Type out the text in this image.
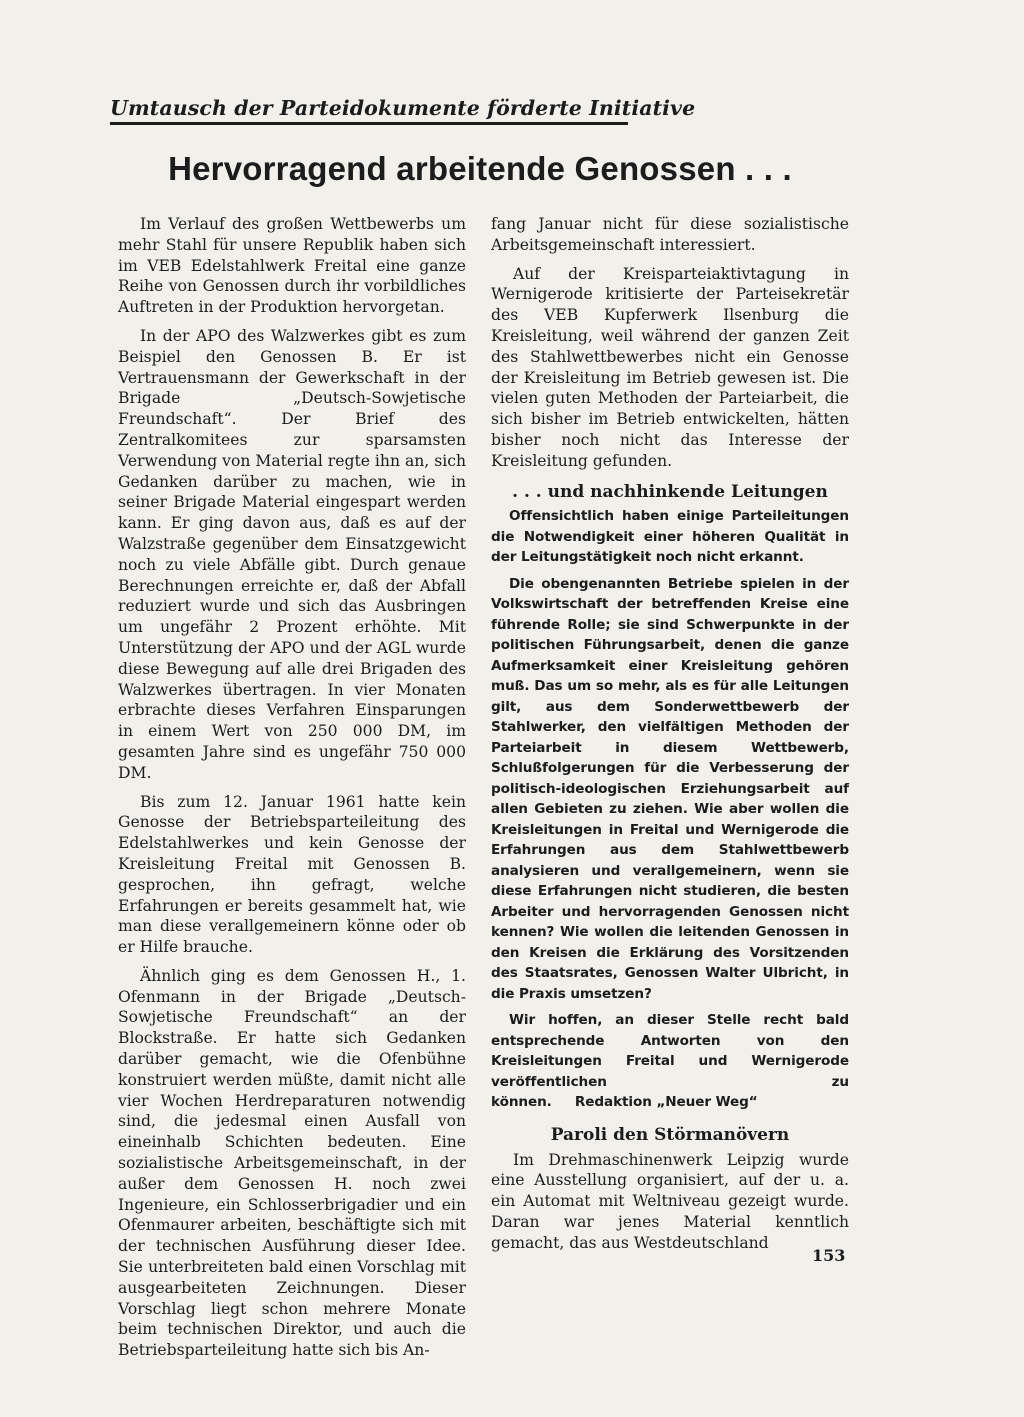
Umtausch der Parteidokumente förderte Initiative
Hervorragend arbeitende Genossen . . .

Im Verlauf des großen Wettbewerbs um mehr Stahl für unsere Republik haben sich im VEB Edelstahlwerk Freital eine ganze Reihe von Genossen durch ihr vorbildliches Auftreten in der Produktion hervorgetan.

In der APO des Walzwerkes gibt es zum Beispiel den Genossen B. Er ist Vertrauensmann der Gewerkschaft in der Brigade „Deutsch-Sowjetische Freundschaft“. Der Brief des Zentralkomitees zur sparsamsten Verwendung von Material regte ihn an, sich Gedanken darüber zu machen, wie in seiner Brigade Material eingespart werden kann. Er ging davon aus, daß es auf der Walzstraße gegenüber dem Einsatzgewicht noch zu viele Abfälle gibt. Durch genaue Berechnungen erreichte er, daß der Abfall reduziert wurde und sich das Ausbringen um ungefähr 2 Prozent erhöhte. Mit Unterstützung der APO und der AGL wurde diese Bewegung auf alle drei Brigaden des Walzwerkes übertragen. In vier Monaten erbrachte dieses Verfahren Einsparungen in einem Wert von 250 000 DM, im gesamten Jahre sind es ungefähr 750 000 DM.

Bis zum 12. Januar 1961 hatte kein Genosse der Betriebsparteileitung des Edelstahlwerkes und kein Genosse der Kreisleitung Freital mit Genossen B. gesprochen, ihn gefragt, welche Erfahrungen er bereits gesammelt hat, wie man diese verallgemeinern könne oder ob er Hilfe brauche.

Ähnlich ging es dem Genossen H., 1. Ofenmann in der Brigade „Deutsch-Sowjetische Freundschaft“ an der Blockstraße. Er hatte sich Gedanken darüber gemacht, wie die Ofenbühne konstruiert werden müßte, damit nicht alle vier Wochen Herdreparaturen notwendig sind, die jedesmal einen Ausfall von eineinhalb Schichten bedeuten. Eine sozialistische Arbeitsgemeinschaft, in der außer dem Genossen H. noch zwei Ingenieure, ein Schlosserbrigadier und ein Ofenmaurer arbeiten, beschäftigte sich mit der technischen Ausführung dieser Idee. Sie unterbreiteten bald einen Vorschlag mit ausgearbeiteten Zeichnungen. Dieser Vorschlag liegt schon mehrere Monate beim technischen Direktor, und auch die Betriebsparteileitung hatte sich bis An-

fang Januar nicht für diese sozialistische Arbeitsgemeinschaft interessiert.

Auf der Kreisparteiaktivtagung in Wernigerode kritisierte der Parteisekretär des VEB Kupferwerk Ilsenburg die Kreisleitung, weil während der ganzen Zeit des Stahlwettbewerbes nicht ein Genosse der Kreisleitung im Betrieb gewesen ist. Die vielen guten Methoden der Parteiarbeit, die sich bisher im Betrieb entwickelten, hätten bisher noch nicht das Interesse der Kreisleitung gefunden.

. . . und nachhinkende Leitungen

Offensichtlich haben einige Parteileitungen die Notwendigkeit einer höheren Qualität in der Leitungstätigkeit noch nicht erkannt.

Die obengenannten Betriebe spielen in der Volkswirtschaft der betreffenden Kreise eine führende Rolle; sie sind Schwerpunkte in der politischen Führungsarbeit, denen die ganze Aufmerksamkeit einer Kreisleitung gehören muß. Das um so mehr, als es für alle Leitungen gilt, aus dem Sonderwettbewerb der Stahlwerker, den vielfältigen Methoden der Parteiarbeit in diesem Wettbewerb, Schlußfolgerungen für die Verbesserung der politisch-ideologischen Erziehungsarbeit auf allen Gebieten zu ziehen. Wie aber wollen die Kreisleitungen in Freital und Wernigerode die Erfahrungen aus dem Stahlwettbewerb analysieren und verallgemeinern, wenn sie diese Erfahrungen nicht studieren, die besten Arbeiter und hervorragenden Genossen nicht kennen? Wie wollen die leitenden Genossen in den Kreisen die Erklärung des Vorsitzenden des Staatsrates, Genossen Walter Ulbricht, in die Praxis umsetzen?

Wir hoffen, an dieser Stelle recht bald entsprechende Antworten von den Kreisleitungen Freital und Wernigerode veröffentlichen zu können. Redaktion „Neuer Weg“

Paroli den Störmanövern

Im Drehmaschinenwerk Leipzig wurde eine Ausstellung organisiert, auf der u. a. ein Automat mit Weltniveau gezeigt wurde. Daran war jenes Material kenntlich gemacht, das aus Westdeutschland

153
